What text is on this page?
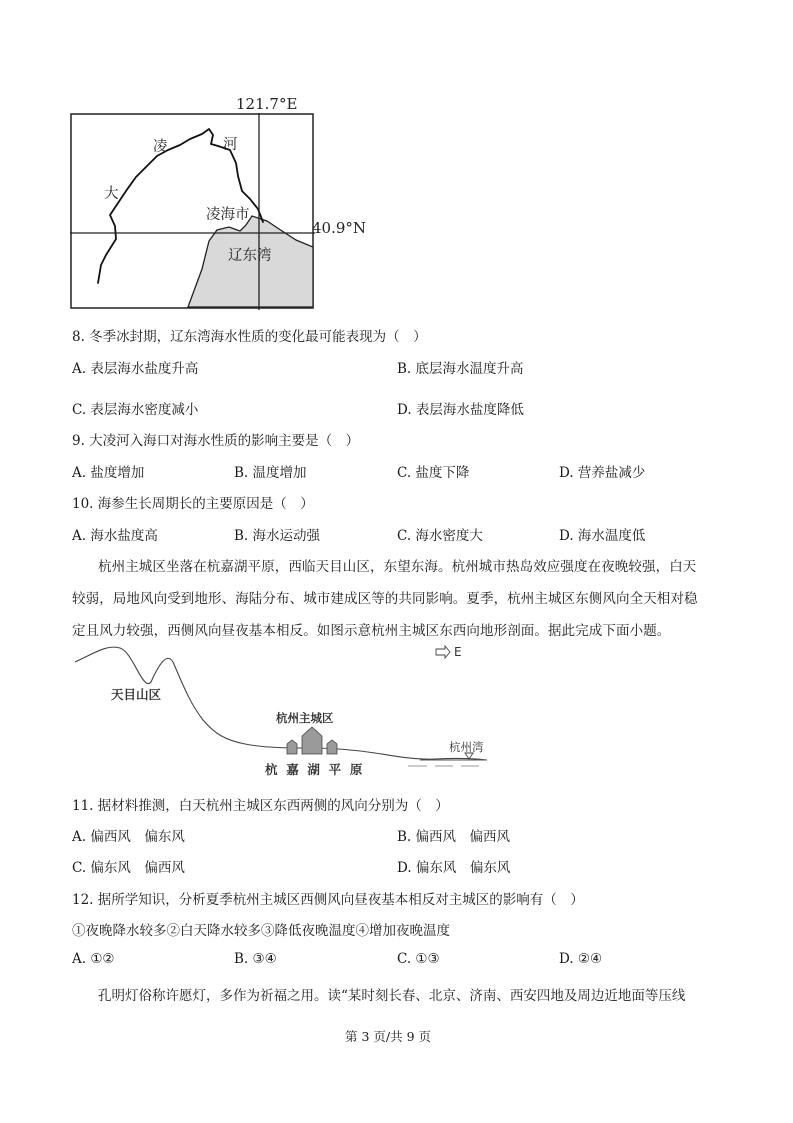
121.7°E
凌	河
大
凌海市
40.9°N
辽东湾
8. 冬季冰封期，辽东湾海水性质的变化最可能表现为（　）
A. 表层海水盐度升高	B. 底层海水温度升高
C. 表层海水密度减小	D. 表层海水盐度降低
9. 大凌河入海口对海水性质的影响主要是（　）
A. 盐度增加	B. 温度增加	C. 盐度下降	D. 营养盐减少
10. 海参生长周期长的主要原因是（　）
A. 海水盐度高	B. 海水运动强	C. 海水密度大	D. 海水温度低
杭州主城区坐落在杭嘉湖平原，西临天目山区，东望东海。杭州城市热岛效应强度在夜晚较强，白天
较弱，局地风向受到地形、海陆分布、城市建成区等的共同影响。夏季，杭州主城区东侧风向全天相对稳
定且风力较强，西侧风向昼夜基本相反。如图示意杭州主城区东西向地形剖面。据此完成下面小题。
E
天目山区
杭州主城区
杭  嘉  湖  平  原
杭州湾
11. 据材料推测，白天杭州主城区东西两侧的风向分别为（　）
A. 偏西风　偏东风	B. 偏西风　偏西风
C. 偏东风　偏西风	D. 偏东风　偏东风
12. 据所学知识，分析夏季杭州主城区西侧风向昼夜基本相反对主城区的影响有（　）
①夜晚降水较多②白天降水较多③降低夜晚温度④增加夜晚温度
A. ①②	B. ③④	C. ①③	D. ②④
孔明灯俗称许愿灯，多作为祈福之用。读“某时刻长春、北京、济南、西安四地及周边近地面等压线
第 3 页/共 9 页
